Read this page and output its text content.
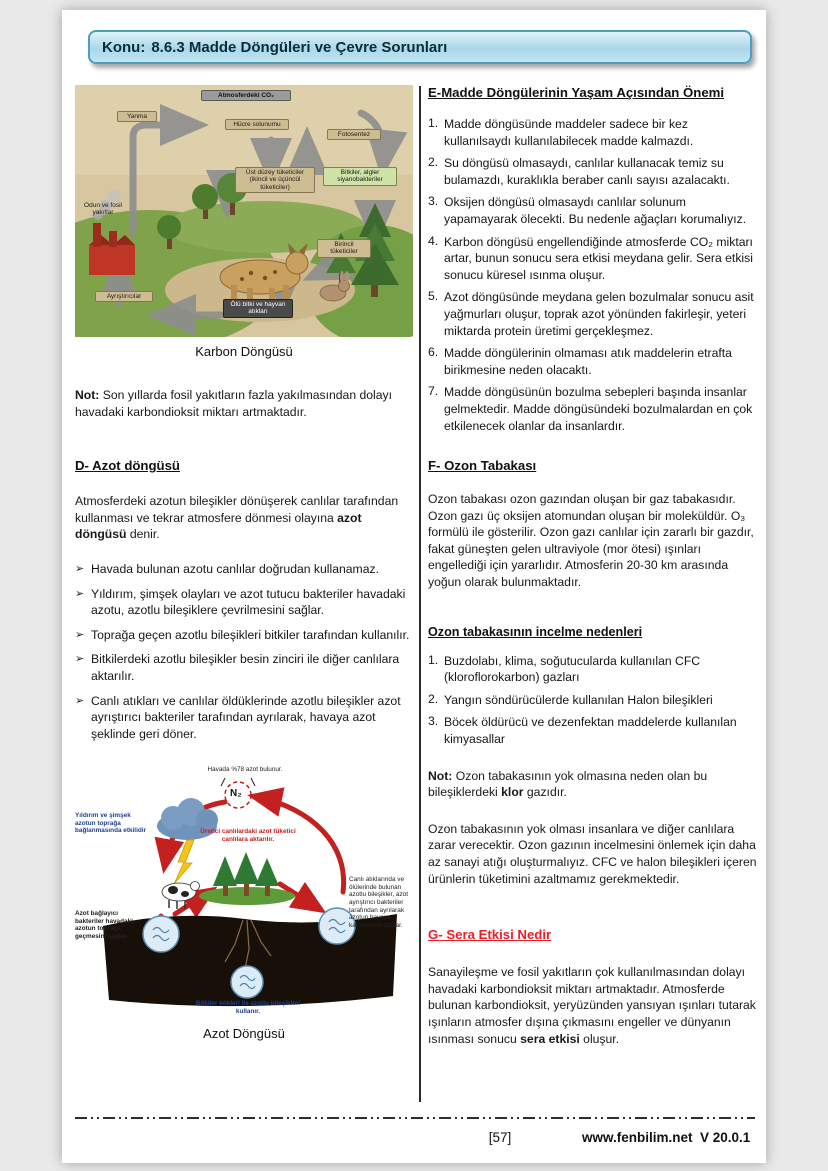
Konu: 8.6.3 Madde Döngüleri ve Çevre Sorunları
Atmosferdeki CO₂
Yanma
Hücre solunumu
Fotosentez
Bitkiler, algler siyanobakteriler
Üst düzey tüketiciler (ikincil ve üçüncül tüketiciler)
Birincil tüketiciler
Odun ve fosil yakıtlar
Ayrıştırıcılar
Ölü bitki ve hayvan atıkları
Karbon Döngüsü

Not: Son yıllarda fosil yakıtların fazla yakılmasından dolayı havadaki karbondioksit miktarı artmaktadır.

D- Azot döngüsü

Atmosferdeki azotun bileşikler dönüşerek canlılar tarafından kullanması ve tekrar atmosfere dönmesi olayına azot döngüsü denir.

➢ Havada bulunan azotu canlılar doğrudan kullanamaz.
➢ Yıldırım, şimşek olayları ve azot tutucu bakteriler havadaki azotu, azotlu bileşiklere çevrilmesini sağlar.
➢ Toprağa geçen azotlu bileşikleri bitkiler tarafından kullanılır.
➢ Bitkilerdeki azotlu bileşikler besin zinciri ile diğer canlılara aktarılır.
➢ Canlı atıkları ve canlılar öldüklerinde azotlu bileşikler azot ayrıştırıcı bakteriler tarafından ayrılarak, havaya azot şeklinde geri döner.
Havada %78 azot bulunur.
N₂
Yıldırım ve şimşek azotun toprağa bağlanmasında etkilidir	Üretici canlılardaki azot tüketici canlılara aktarılır.
Azot bağlayıcı bakteriler havadaki azotun toprağa geçmesini sağlar.
Canlı atıklarında ve ölülerinde bulunan azotlu bileşikler, azot ayrıştırıcı bakteriler tarafından ayrılarak azotun havaya karışmasını sağlar.
Bitkiler kökleri ile azotlu bileşikleri kullanır.
Azot Döngüsü
E-Madde Döngülerinin Yaşam Açısından Önemi
1. Madde döngüsünde maddeler sadece bir kez kullanılsaydı kullanılabilecek madde kalmazdı.
2. Su döngüsü olmasaydı, canlılar kullanacak temiz su bulamazdı, kuraklıkla beraber canlı sayısı azalacaktı.
3. Oksijen döngüsü olmasaydı canlılar solunum yapamayarak ölecekti. Bu nedenle ağaçları korumalıyız.
4. Karbon döngüsü engellendiğinde atmosferde CO₂ miktarı artar, bunun sonucu sera etkisi meydana gelir. Sera etkisi sonucu küresel ısınma oluşur.
5. Azot döngüsünde meydana gelen bozulmalar sonucu asit yağmurları oluşur, toprak azot yönünden fakirleşir, yeteri miktarda protein üretimi gerçekleşmez.
6. Madde döngülerinin olmaması atık maddelerin etrafta birikmesine neden olacaktı.
7. Madde döngüsünün bozulma sebepleri başında insanlar gelmektedir. Madde döngüsündeki bozulmalardan en çok etkilenecek olanlar da insanlardır.
F- Ozon Tabakası

Ozon tabakası ozon gazından oluşan bir gaz tabakasıdır. Ozon gazı üç oksijen atomundan oluşan bir moleküldür. O₃ formülü ile gösterilir. Ozon gazı canlılar için zararlı bir gazdır, fakat güneşten gelen ultraviyole (mor ötesi) ışınları engellediği için yararlıdır. Atmosferin 20-30 km arasında yoğun olarak bulunmaktadır.

Ozon tabakasının incelme nedenleri
1. Buzdolabı, klima, soğutucularda kullanılan CFC (kloroflorokarbon) gazları
2. Yangın söndürücülerde kullanılan Halon bileşikleri
3. Böcek öldürücü ve dezenfektan maddelerde kullanılan kimyasallar

Not: Ozon tabakasının yok olmasına neden olan bu bileşiklerdeki klor gazıdır.

Ozon tabakasının yok olması insanlara ve diğer canlılara zarar verecektir. Ozon gazının incelmesini önlemek için daha az sanayi atığı oluşturmalıyız. CFC ve halon bileşikleri içeren ürünlerin tüketimini azaltmamız gerekmektedir.

G- Sera Etkisi Nedir

Sanayileşme ve fosil yakıtların çok kullanılmasından dolayı havadaki karbondioksit miktarı artmaktadır. Atmosferde bulunan karbondioksit, yeryüzünden yansıyan ışınları tutarak ışınların atmosfer dışına çıkmasını engeller ve dünyanın ısınması sonucu sera etkisi oluşur.

[57]	www.fenbilim.net V 20.0.1
